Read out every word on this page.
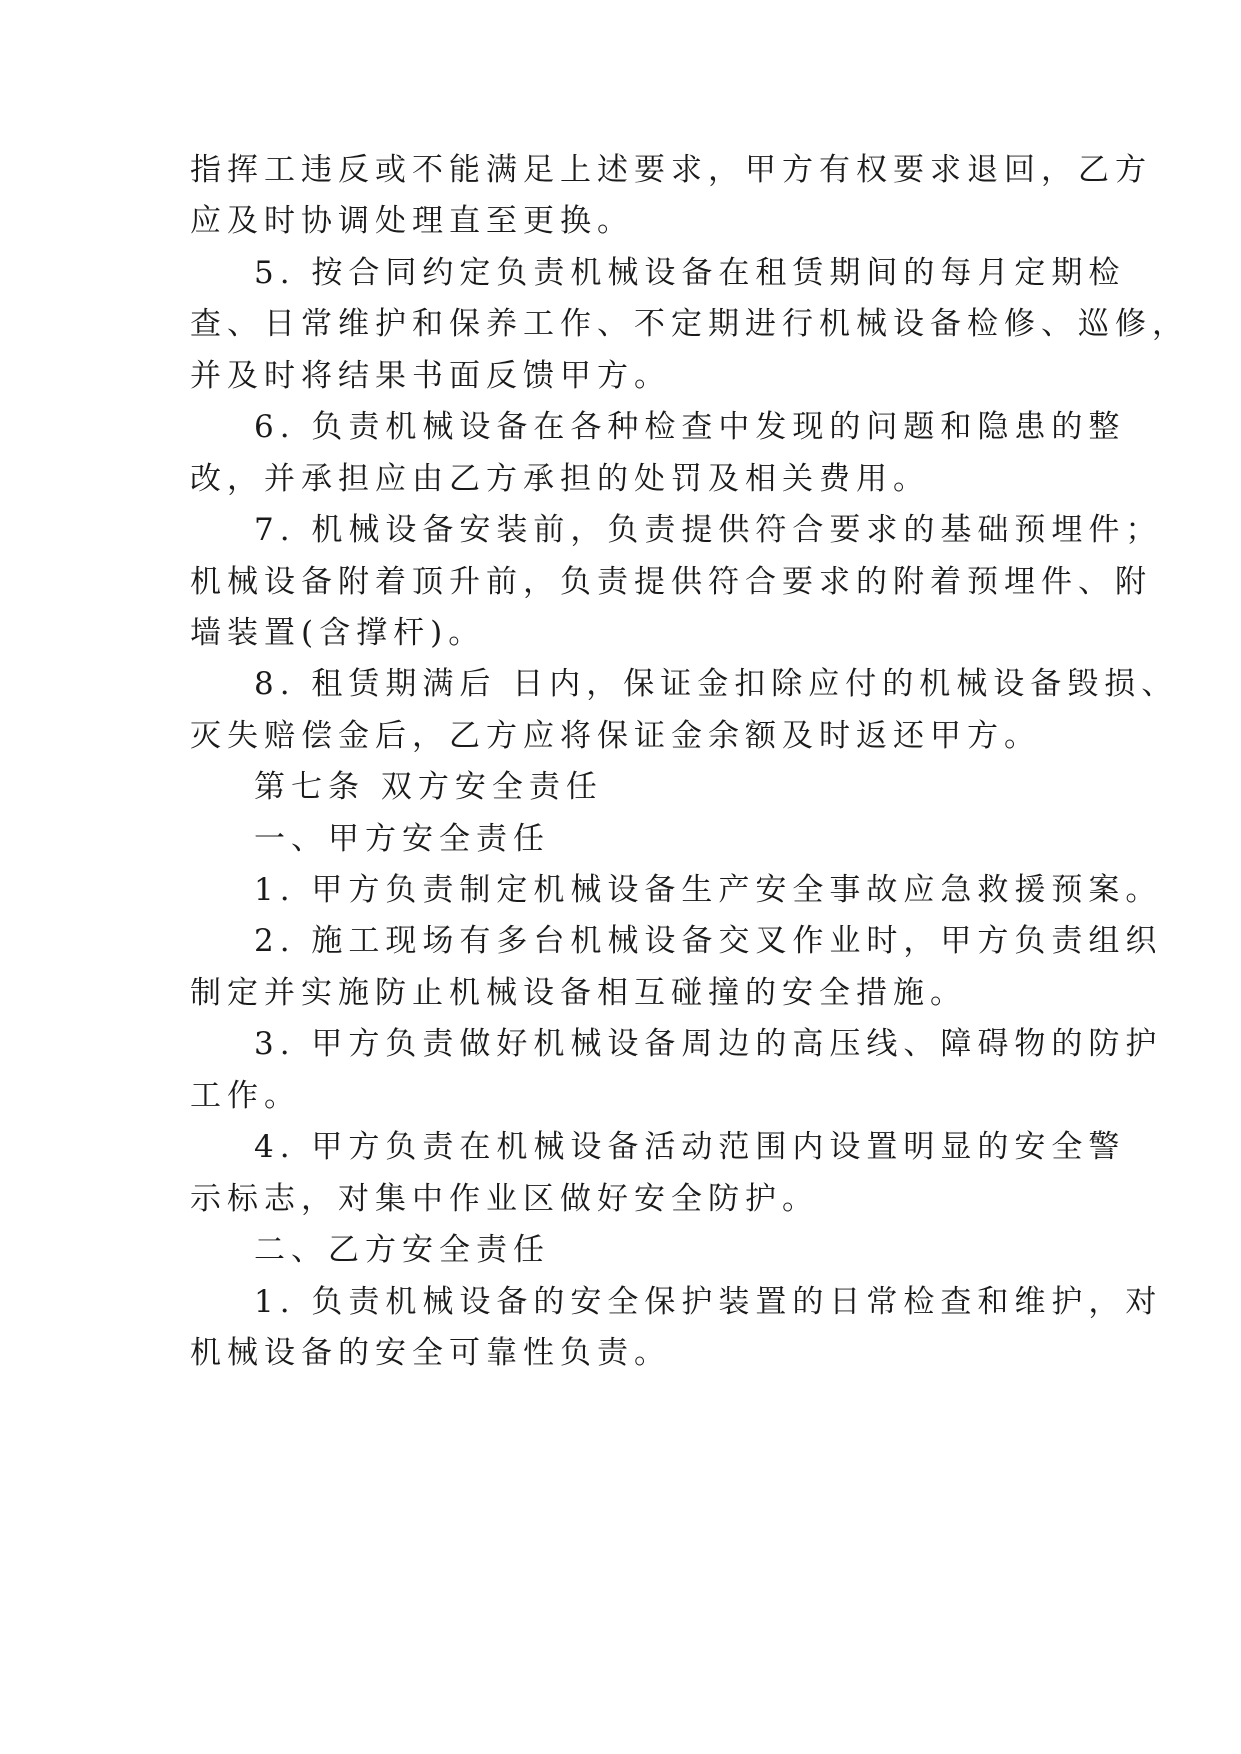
指挥工违反或不能满足上述要求，甲方有权要求退回，乙方
应及时协调处理直至更换。
5. 按合同约定负责机械设备在租赁期间的每月定期检
查、日常维护和保养工作、不定期进行机械设备检修、巡修，
并及时将结果书面反馈甲方。
6. 负责机械设备在各种检查中发现的问题和隐患的整
改，并承担应由乙方承担的处罚及相关费用。
7. 机械设备安装前，负责提供符合要求的基础预埋件；
机械设备附着顶升前，负责提供符合要求的附着预埋件、附
墙装置(含撑杆)。
8. 租赁期满后 日内，保证金扣除应付的机械设备毁损、
灭失赔偿金后，乙方应将保证金余额及时返还甲方。
第七条 双方安全责任
一、甲方安全责任
1. 甲方负责制定机械设备生产安全事故应急救援预案。
2. 施工现场有多台机械设备交叉作业时，甲方负责组织
制定并实施防止机械设备相互碰撞的安全措施。
3. 甲方负责做好机械设备周边的高压线、障碍物的防护
工作。
4. 甲方负责在机械设备活动范围内设置明显的安全警
示标志，对集中作业区做好安全防护。
二、乙方安全责任
1. 负责机械设备的安全保护装置的日常检查和维护，对
机械设备的安全可靠性负责。
